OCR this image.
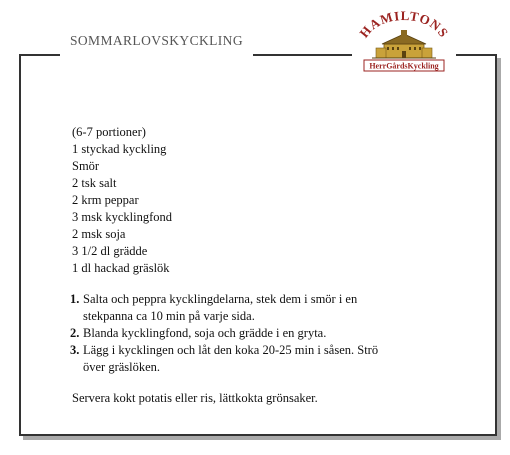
SOMMARLOVSKYCKLING
HAMILTONS
HerrGårdsKyckling
(6-7 portioner)
1 styckad kyckling
Smör
2 tsk salt
2 krm peppar
3 msk kycklingfond
2 msk soja
3 1/2 dl grädde
1 dl hackad gräslök
1. Salta och peppra kycklingdelarna, stek dem i smör i en
stekpanna ca 10 min på varje sida.
2. Blanda kycklingfond, soja och grädde i en gryta.
3. Lägg i kycklingen och låt den koka 20-25 min i såsen. Strö
över gräslöken.
Servera kokt potatis eller ris, lättkokta grönsaker.
